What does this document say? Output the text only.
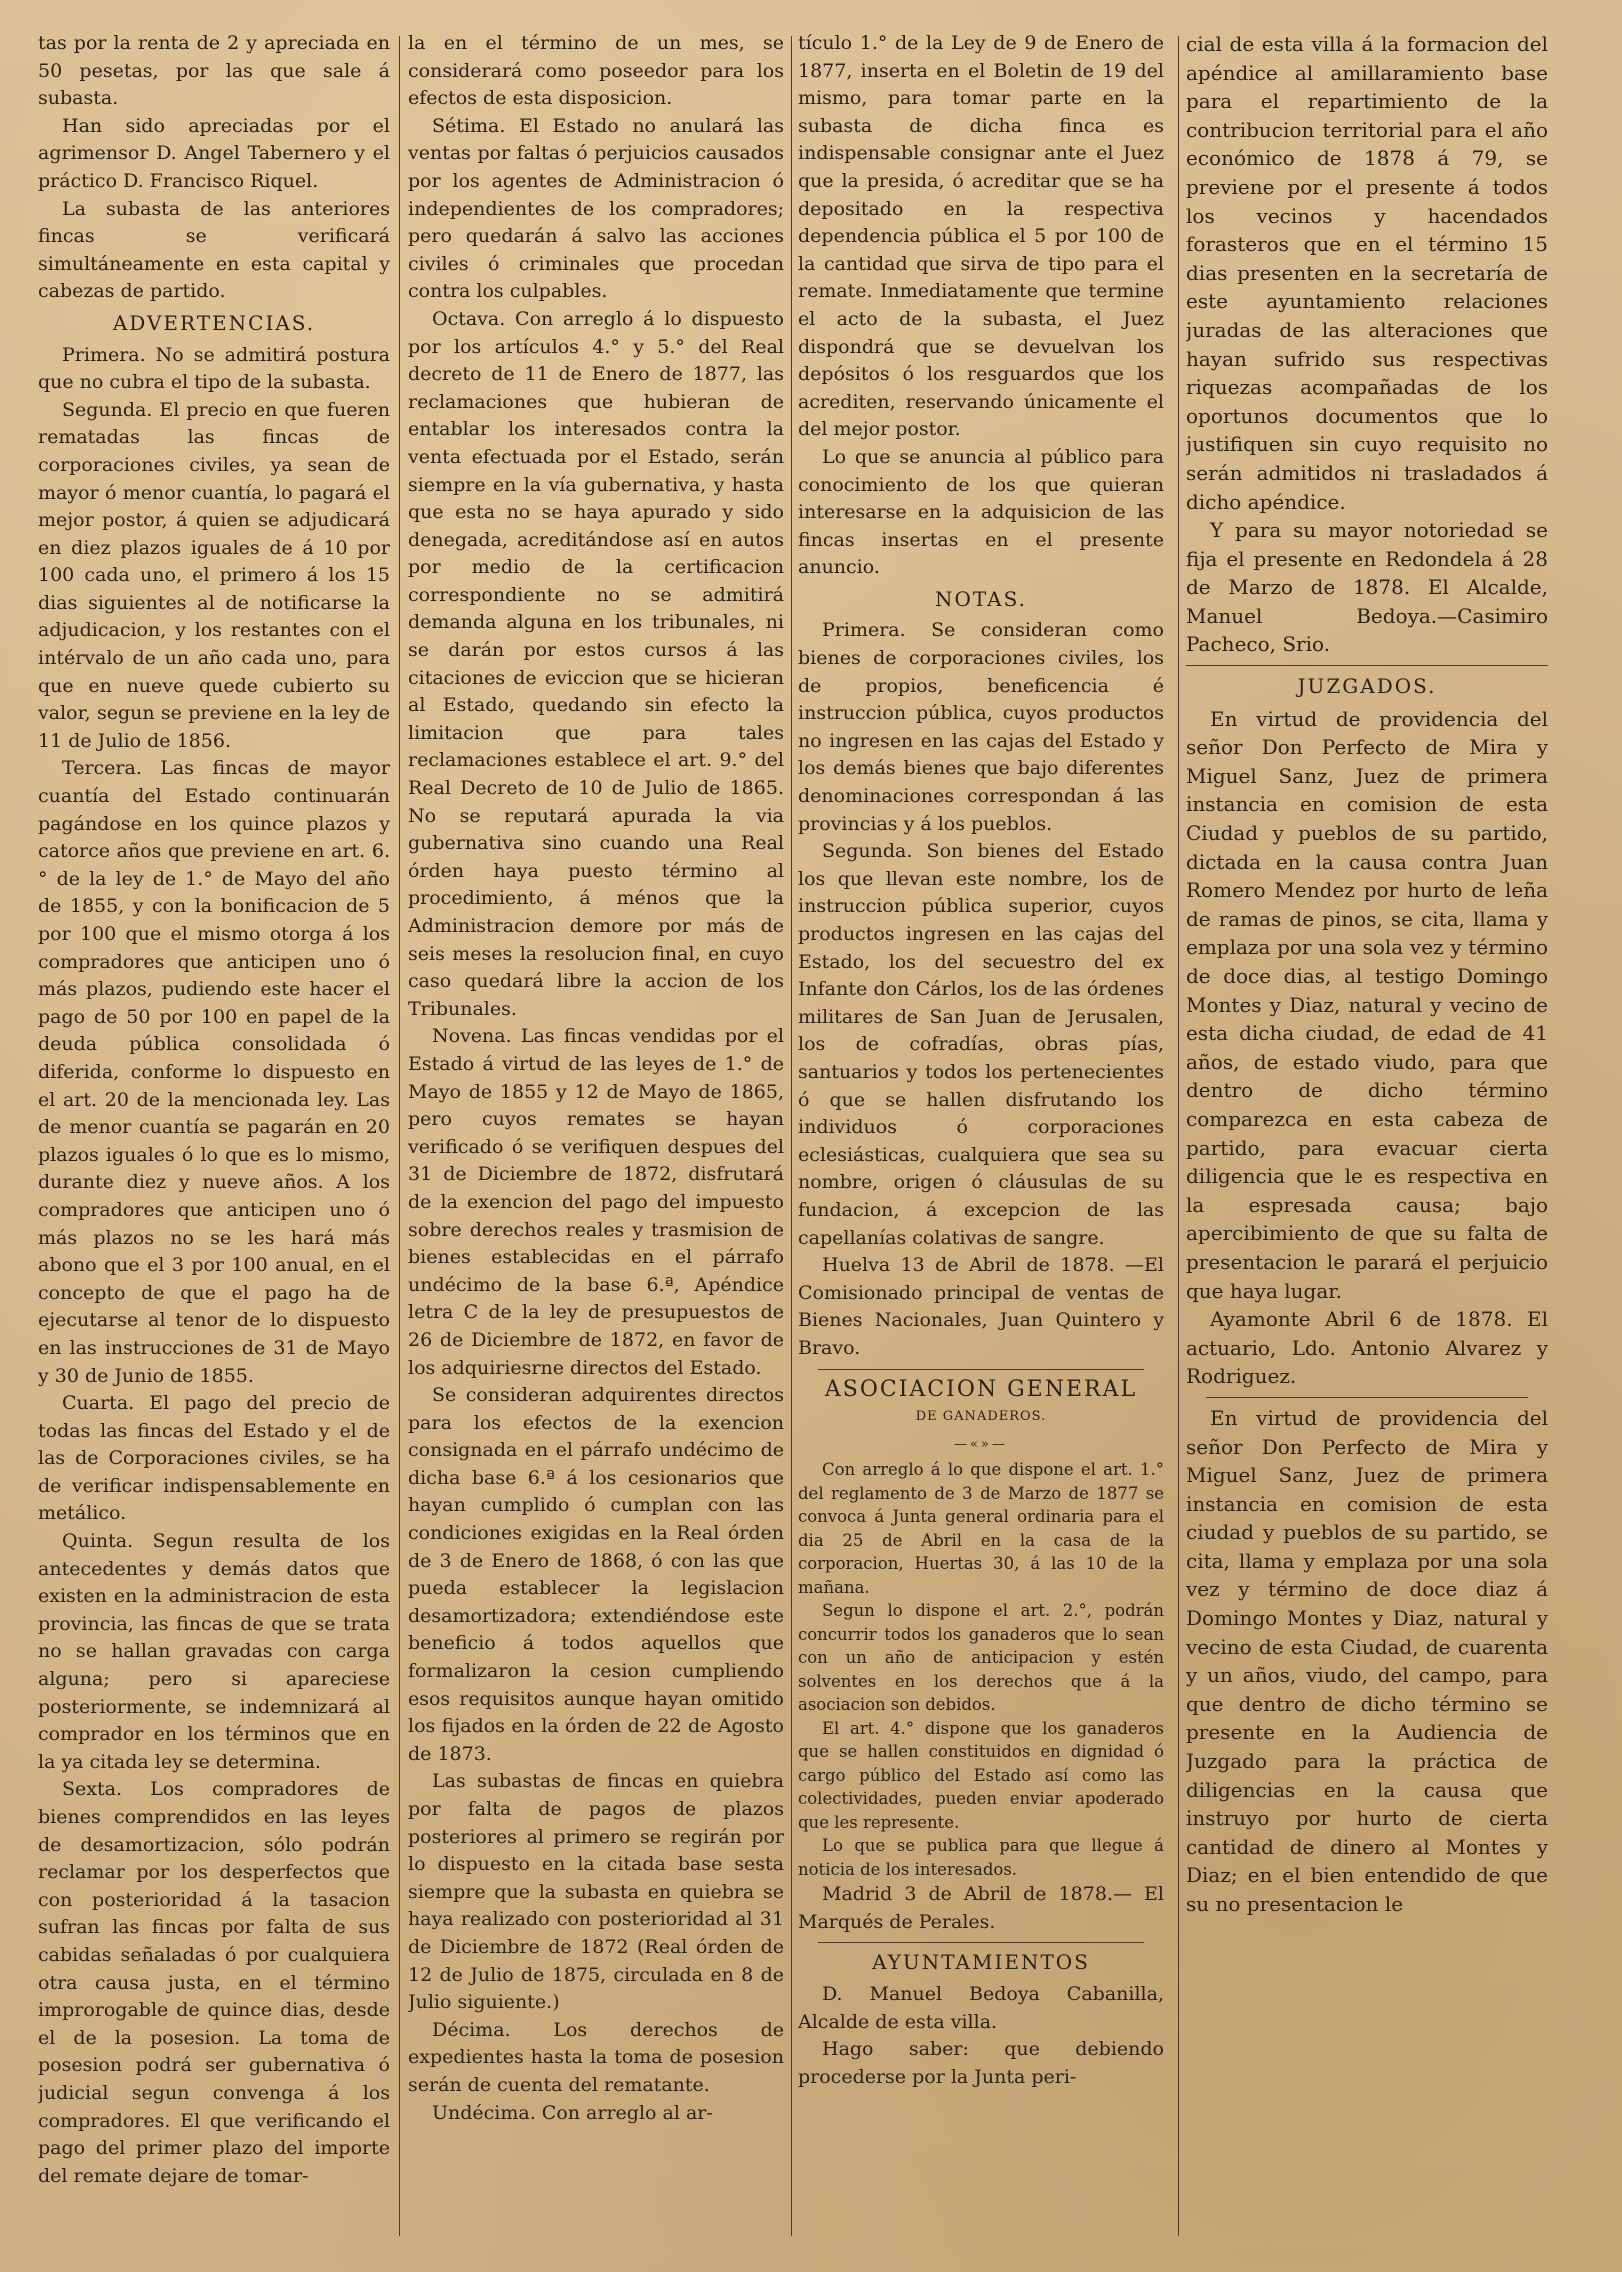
tas por la renta de 2 y apreciada en 50 pesetas, por las que sale á subasta.

Han sido apreciadas por el agrimensor D. Angel Tabernero y el práctico D. Francisco Riquel.

La subasta de las anteriores fincas se verificará simultáneamente en esta capital y cabezas de partido.

ADVERTENCIAS.

Primera. No se admitirá postura que no cubra el tipo de la subasta.

Segunda. El precio en que fueren rematadas las fincas de corporaciones civiles, ya sean de mayor ó menor cuantía, lo pagará el mejor postor, á quien se adjudicará en diez plazos iguales de á 10 por 100 cada uno, el primero á los 15 dias siguientes al de notificarse la adjudicacion, y los restantes con el intérvalo de un año cada uno, para que en nueve quede cubierto su valor, segun se previene en la ley de 11 de Julio de 1856.

Tercera. Las fincas de mayor cuantía del Estado continuarán pagándose en los quince plazos y catorce años que previene en art. 6.° de la ley de 1.° de Mayo del año de 1855, y con la bonificacion de 5 por 100 que el mismo otorga á los compradores que anticipen uno ó más plazos, pudiendo este hacer el pago de 50 por 100 en papel de la deuda pública consolidada ó diferida, conforme lo dispuesto en el art. 20 de la mencionada ley. Las de menor cuantía se pagarán en 20 plazos iguales ó lo que es lo mismo, durante diez y nueve años. A los compradores que anticipen uno ó más plazos no se les hará más abono que el 3 por 100 anual, en el concepto de que el pago ha de ejecutarse al tenor de lo dispuesto en las instrucciones de 31 de Mayo y 30 de Junio de 1855.

Cuarta. El pago del precio de todas las fincas del Estado y el de las de Corporaciones civiles, se ha de verificar indispensablemente en metálico.

Quinta. Segun resulta de los antecedentes y demás datos que existen en la administracion de esta provincia, las fincas de que se trata no se hallan gravadas con carga alguna; pero si apareciese posteriormente, se indemnizará al comprador en los términos que en la ya citada ley se determina.

Sexta. Los compradores de bienes comprendidos en las leyes de desamortizacion, sólo podrán reclamar por los desperfectos que con posterioridad á la tasacion sufran las fincas por falta de sus cabidas señaladas ó por cualquiera otra causa justa, en el término improrogable de quince dias, desde el de la posesion. La toma de posesion podrá ser gubernativa ó judicial segun convenga á los compradores. El que verificando el pago del primer plazo del importe del remate dejare de tomar-

la en el término de un mes, se considerará como poseedor para los efectos de esta disposicion.

Sétima. El Estado no anulará las ventas por faltas ó perjuicios causados por los agentes de Administracion ó independientes de los compradores; pero quedarán á salvo las acciones civiles ó criminales que procedan contra los culpables.

Octava. Con arreglo á lo dispuesto por los artículos 4.° y 5.° del Real decreto de 11 de Enero de 1877, las reclamaciones que hubieran de entablar los interesados contra la venta efectuada por el Estado, serán siempre en la vía gubernativa, y hasta que esta no se haya apurado y sido denegada, acreditándose así en autos por medio de la certificacion correspondiente no se admitirá demanda alguna en los tribunales, ni se darán por estos cursos á las citaciones de eviccion que se hicieran al Estado, quedando sin efecto la limitacion que para tales reclamaciones establece el art. 9.° del Real Decreto de 10 de Julio de 1865. No se reputará apurada la via gubernativa sino cuando una Real órden haya puesto término al procedimiento, á ménos que la Administracion demore por más de seis meses la resolucion final, en cuyo caso quedará libre la accion de los Tribunales.

Novena. Las fincas vendidas por el Estado á virtud de las leyes de 1.° de Mayo de 1855 y 12 de Mayo de 1865, pero cuyos remates se hayan verificado ó se verifiquen despues del 31 de Diciembre de 1872, disfrutará de la exencion del pago del impuesto sobre derechos reales y trasmision de bienes establecidas en el párrafo undécimo de la base 6.ª, Apéndice letra C de la ley de presupuestos de 26 de Diciembre de 1872, en favor de los adquiriesrne directos del Estado.

Se consideran adquirentes directos para los efectos de la exencion consignada en el párrafo undécimo de dicha base 6.ª á los cesionarios que hayan cumplido ó cumplan con las condiciones exigidas en la Real órden de 3 de Enero de 1868, ó con las que pueda establecer la legislacion desamortizadora; extendiéndose este beneficio á todos aquellos que formalizaron la cesion cumpliendo esos requisitos aunque hayan omitido los fijados en la órden de 22 de Agosto de 1873.

Las subastas de fincas en quiebra por falta de pagos de plazos posteriores al primero se regirán por lo dispuesto en la citada base sesta siempre que la subasta en quiebra se haya realizado con posterioridad al 31 de Diciembre de 1872 (Real órden de 12 de Julio de 1875, circulada en 8 de Julio siguiente.)

Décima. Los derechos de expedientes hasta la toma de posesion serán de cuenta del rematante.

Undécima. Con arreglo al ar-

tículo 1.° de la Ley de 9 de Enero de 1877, inserta en el Boletin de 19 del mismo, para tomar parte en la subasta de dicha finca es indispensable consignar ante el Juez que la presida, ó acreditar que se ha depositado en la respectiva dependencia pública el 5 por 100 de la cantidad que sirva de tipo para el remate. Inmediatamente que termine el acto de la subasta, el Juez dispondrá que se devuelvan los depósitos ó los resguardos que los acrediten, reservando únicamente el del mejor postor.

Lo que se anuncia al público para conocimiento de los que quieran interesarse en la adquisicion de las fincas insertas en el presente anuncio.

NOTAS.

Primera. Se consideran como bienes de corporaciones civiles, los de propios, beneficencia é instruccion pública, cuyos productos no ingresen en las cajas del Estado y los demás bienes que bajo diferentes denominaciones correspondan á las provincias y á los pueblos.

Segunda. Son bienes del Estado los que llevan este nombre, los de instruccion pública superior, cuyos productos ingresen en las cajas del Estado, los del secuestro del ex Infante don Cárlos, los de las órdenes militares de San Juan de Jerusalen, los de cofradías, obras pías, santuarios y todos los pertenecientes ó que se hallen disfrutando los individuos ó corporaciones eclesiásticas, cualquiera que sea su nombre, origen ó cláusulas de su fundacion, á excepcion de las capellanías colativas de sangre.

Huelva 13 de Abril de 1878. —El Comisionado principal de ventas de Bienes Nacionales, Juan Quintero y Bravo.

ASOCIACION GENERAL

DE GANADEROS.

—«»—

Con arreglo á lo que dispone el art. 1.° del reglamento de 3 de Marzo de 1877 se convoca á Junta general ordinaria para el dia 25 de Abril en la casa de la corporacion, Huertas 30, á las 10 de la mañana.

Segun lo dispone el art. 2.°, podrán concurrir todos los ganaderos que lo sean con un año de anticipacion y estén solventes en los derechos que á la asociacion son debidos.

El art. 4.° dispone que los ganaderos que se hallen constituidos en dignidad ó cargo público del Estado así como las colectividades, pueden enviar apoderado que les represente.

Lo que se publica para que llegue á noticia de los interesados.

Madrid 3 de Abril de 1878.— El Marqués de Perales.

AYUNTAMIENTOS

D. Manuel Bedoya Cabanilla, Alcalde de esta villa.

Hago saber: que debiendo procederse por la Junta peri-

cial de esta villa á la formacion del apéndice al amillaramiento base para el repartimiento de la contribucion territorial para el año económico de 1878 á 79, se previene por el presente á todos los vecinos y hacendados forasteros que en el término 15 dias presenten en la secretaría de este ayuntamiento relaciones juradas de las alteraciones que hayan sufrido sus respectivas riquezas acompañadas de los oportunos documentos que lo justifiquen sin cuyo requisito no serán admitidos ni trasladados á dicho apéndice.

Y para su mayor notoriedad se fija el presente en Redondela á 28 de Marzo de 1878. El Alcalde, Manuel Bedoya.—Casimiro Pacheco, Srio.

JUZGADOS.

En virtud de providencia del señor Don Perfecto de Mira y Miguel Sanz, Juez de primera instancia en comision de esta Ciudad y pueblos de su partido, dictada en la causa contra Juan Romero Mendez por hurto de leña de ramas de pinos, se cita, llama y emplaza por una sola vez y término de doce dias, al testigo Domingo Montes y Diaz, natural y vecino de esta dicha ciudad, de edad de 41 años, de estado viudo, para que dentro de dicho término comparezca en esta cabeza de partido, para evacuar cierta diligencia que le es respectiva en la espresada causa; bajo apercibimiento de que su falta de presentacion le parará el perjuicio que haya lugar.

Ayamonte Abril 6 de 1878. El actuario, Ldo. Antonio Alvarez y Rodriguez.

En virtud de providencia del señor Don Perfecto de Mira y Miguel Sanz, Juez de primera instancia en comision de esta ciudad y pueblos de su partido, se cita, llama y emplaza por una sola vez y término de doce diaz á Domingo Montes y Diaz, natural y vecino de esta Ciudad, de cuarenta y un años, viudo, del campo, para que dentro de dicho término se presente en la Audiencia de Juzgado para la práctica de diligencias en la causa que instruyo por hurto de cierta cantidad de dinero al Montes y Diaz; en el bien entendido de que su no presentacion le
